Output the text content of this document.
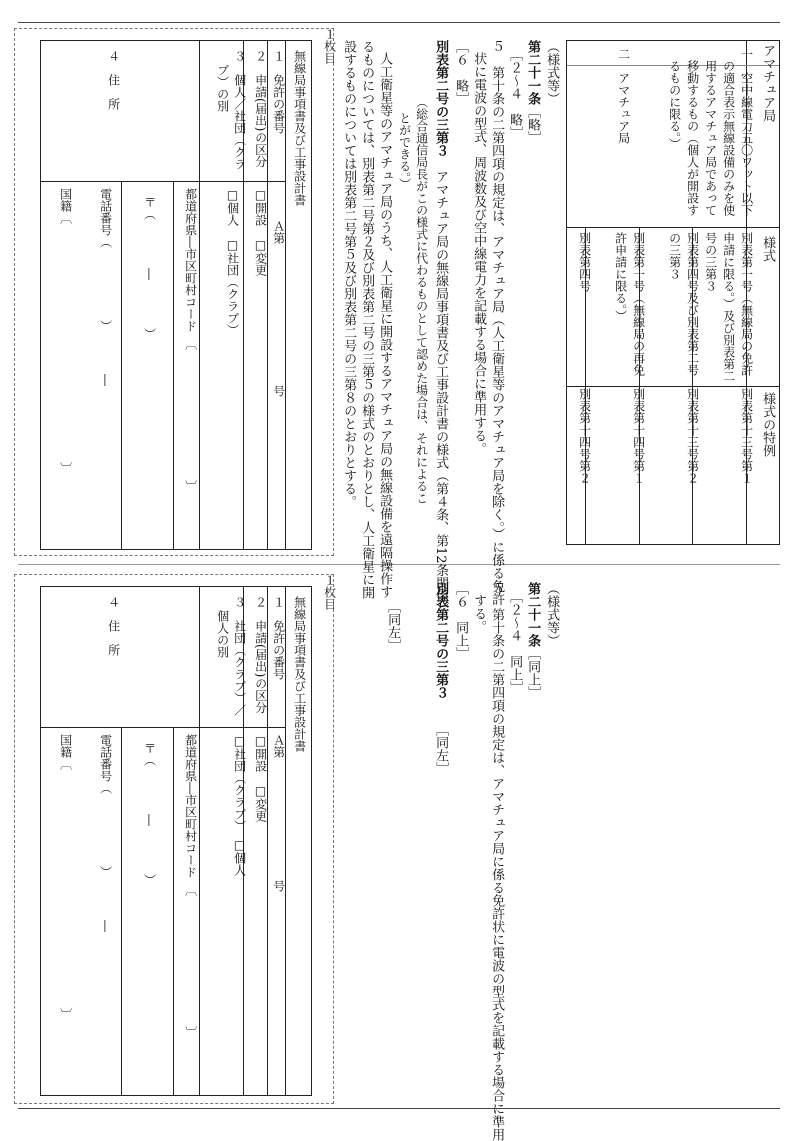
（様式等）
第二十一条［略］
［２～４　略］
５　第十条の二第四項の規定は、アマチュア局（人工衛星等のアマチュア局を除く。）に係る免許
状に電波の型式、周波数及び空中線電力を記載する場合に準用する。
［６　略］
別表第二号の三第３　アマチュア局の無線局事項書及び工事設計書の様式（第４条、第12条関係）
（総合通信局長がこの様式に代わるものとして認めた場合は、それによるこ
とができる。）
人工衛星等のアマチュア局のうち、人工衛星に開設するアマチュア局の無線設備を遠隔操作す
るものについては、別表第二号第２及び別表第二号の三第５の様式のとおりとし、人工衛星に開
設するものについては別表第二号第５及び別表第二号の三第８のとおりとする。	アマチュア局
様式
様式の特例
一　空中線電力五〇ワット以下
の適合表示無線設備のみを使
用するアマチュア局であって
移動するもの（個人が開設す
るものに限る。）
二　アマチュア局
別表第一号（無線局の免許
申請に限る。）及び別表第二
号の三第３
別表第十三号第１
別表第四号及び別表第二号
の三第３
別表第十三号第２
別表第一号（無線局の再免
許申請に限る。）
別表第十四号第１
別表第四号
別表第十四号第２
１枚目
無線局事項書及び工事設計書
１　免許の番号
Ａ第
号
２　申請(届出)の区分
□開設　□変更
３　個人／社団（クラ
ブ）の別
□個人　□社団（クラブ）
４　住　所
都道府県―市区町村コード　〔
〕
〒（　　　　―　　　　）
電話番号（　　　　　　）　　　　―
国籍〔
〕
（様式等）
第二十一条［同上］
［２～４　同上］
５　第十条の二第四項の規定は、アマチュア局に係る免許状に電波の型式を記載する場合に準用
する。
［６　同上］
別表第二号の三第３［同左］
［同左］
１枚目
無線局事項書及び工事設計書
１　免許の番号
Ａ第
号
２　申請(届出)の区分
□開設　□変更
３　社団（クラブ）／
個人の別
□社団（クラブ）　□個人
４　住　所
都道府県―市区町村コード　〔
〕
〒（　　　　―　　　　）
電話番号（　　　　　　）　　　　―
国籍〔
〕
